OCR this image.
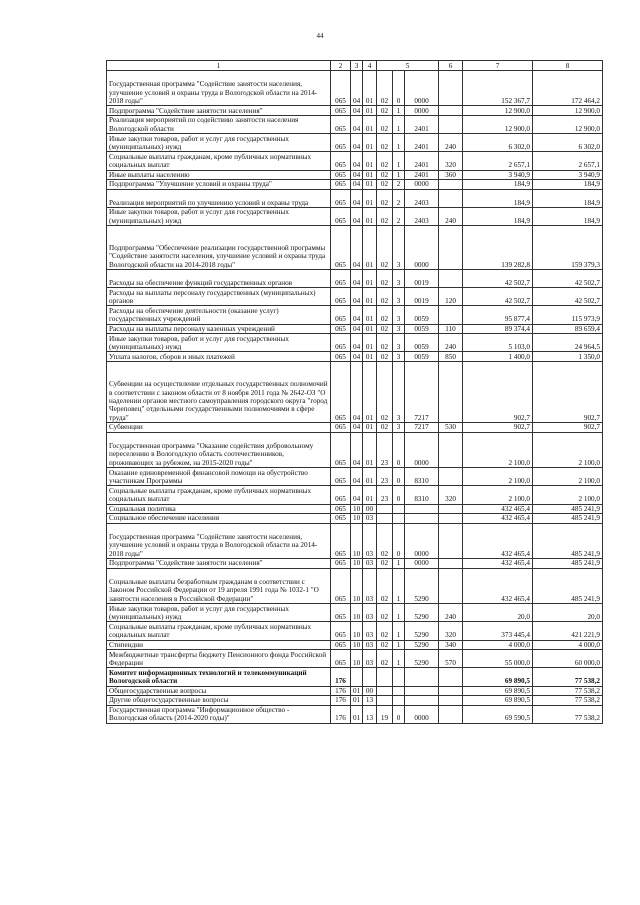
44
1	2	3	4	5			6	7	8
Государственная программа "Содействие занятости населения, улучшение условий и охраны труда в Вологодской области на 2014-2018 годы"	065	04	01	02	0	0000		152 367,7	172 464,2
Подпрограмма "Содействие занятости населения"	065	04	01	02	1	0000		12 900,0	12 900,0
Реализация мероприятий по содействию занятости населения Вологодской области	065	04	01	02	1	2401		12 900,0	12 900,0
Иные закупки товаров, работ и услуг для государственных (муниципальных) нужд	065	04	01	02	1	2401	240	6 302,0	6 302,0
Социальные выплаты гражданам, кроме публичных нормативных социальных выплат	065	04	01	02	1	2401	320	2 657,1	2 657,1
Иные выплаты населению	065	04	01	02	1	2401	360	3 940,9	3 940,9
Подпрограмма "Улучшение условий и охраны труда"	065	04	01	02	2	0000		184,9	184,9
Реализация мероприятий по улучшению условий и охраны труда	065	04	01	02	2	2403		184,9	184,9
Иные закупки товаров, работ и услуг для государственных (муниципальных) нужд	065	04	01	02	2	2403	240	184,9	184,9
Подпрограмма "Обеспечение реализации государственной программы "Содействие занятости населения, улучшение условий и охраны труда Вологодской области на 2014-2018 годы"	065	04	01	02	3	0000		139 282,8	159 379,3
Расходы на обеспечение функций государственных органов	065	04	01	02	3	0019		42 502,7	42 502,7
Расходы на выплаты персоналу государственных (муниципальных) органов	065	04	01	02	3	0019	120	42 502,7	42 502,7
Расходы на обеспечение деятельности (оказание услуг) государственных учреждений	065	04	01	02	3	0059		95 877,4	115 973,9
Расходы на выплаты персоналу казенных учреждений	065	04	01	02	3	0059	110	89 374,4	89 659,4
Иные закупки товаров, работ и услуг для государственных (муниципальных) нужд	065	04	01	02	3	0059	240	5 103,0	24 964,5
Уплата налогов, сборов и иных платежей	065	04	01	02	3	0059	850	1 400,0	1 350,0
Субвенции на осуществление отдельных государственных полномочий в соответствии с законом области от 8 ноября 2011 года № 2642-ОЗ "О наделении органов местного самоуправления городского округа "город Череповец" отдельными государственными полномочиями в сфере труда"	065	04	01	02	3	7217		902,7	902,7
Субвенции	065	04	01	02	3	7217	530	902,7	902,7
Государственная программа "Оказание содействия добровольному переселению в Вологодскую область соотечественников, проживающих за рубежом, на 2015-2020 годы"	065	04	01	23	0	0000		2 100,0	2 100,0
Оказание единовременной финансовой помощи на обустройство участникам Программы	065	04	01	23	0	8310		2 100,0	2 100,0
Социальные выплаты гражданам, кроме публичных нормативных социальных выплат	065	04	01	23	0	8310	320	2 100,0	2 100,0
Социальная политика	065	10	00					432 465,4	485 241,9
Социальное обеспечение населения	065	10	03					432 465,4	485 241,9
Государственная программа "Содействие занятости населения, улучшение условий и охраны труда в Вологодской области на 2014-2018 годы"	065	10	03	02	0	0000		432 465,4	485 241,9
Подпрограмма "Содействие занятости населения"	065	10	03	02	1	0000		432 465,4	485 241,9
Социальные выплаты безработным гражданам в соответствии с Законом Российской Федерации от 19 апреля 1991 года № 1032-1 "О занятости населения в Российской Федерации"	065	10	03	02	1	5290		432 465,4	485 241,9
Иные закупки товаров, работ и услуг для государственных (муниципальных) нужд	065	10	03	02	1	5290	240	20,0	20,0
Социальные выплаты гражданам, кроме публичных нормативных социальных выплат	065	10	03	02	1	5290	320	373 445,4	421 221,9
Стипендии	065	10	03	02	1	5290	340	4 000,0	4 000,0
Межбюджетные трансферты бюджету Пенсионного фонда Российской Федерации	065	10	03	02	1	5290	570	55 000,0	60 000,0
Комитет информационных технологий и телекоммуникаций Вологодской области	176							69 890,5	77 538,2
Общегосударственные вопросы	176	01	00					69 890,5	77 538,2
Другие общегосударственные вопросы	176	01	13					69 890,5	77 538,2
Государственная программа "Информационное общество - Вологодская область (2014-2020 годы)"	176	01	13	19	0	0000		69 590,5	77 538,2
